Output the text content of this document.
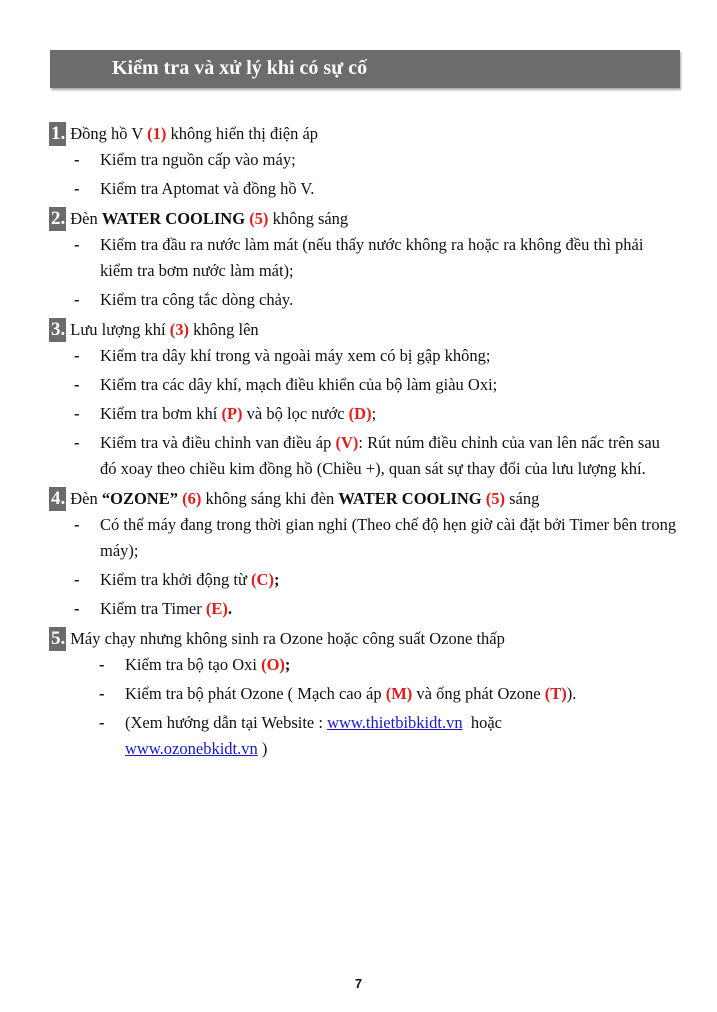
Kiểm tra và xử lý khi có sự cố
1. Đồng hồ V (1) không hiển thị điện áp
- Kiểm tra nguồn cấp vào máy;
- Kiểm tra Aptomat và đồng hồ V.
2. Đèn WATER COOLING
(5) không sáng
- Kiểm tra đầu ra nước làm mát (nếu thấy nước không ra hoặc ra không đều thì phải kiểm tra bơm nước làm mát);
- Kiểm tra công tắc dòng chảy.
3. Lưu lượng khí (3) không lên
- Kiểm tra dây khí trong và ngoài máy xem có bị gập không;
- Kiểm tra các dây khí, mạch điều khiển của bộ làm giàu Oxi;
- Kiểm tra bơm khí (P) và bộ lọc nước (D);
- Kiểm tra và điều chỉnh van điều áp (V): Rút núm điều chỉnh của van lên nấc trên sau đó xoay theo chiều kim đồng hồ (Chiều +), quan sát sự thay đổi của lưu lượng khí.
4. Đèn “OZONE”
(6) không sáng khi đèn WATER COOLING
(5) sáng
- Có thể máy đang trong thời gian nghỉ (Theo chế độ hẹn giờ cài đặt bởi Timer bên trong máy);
- Kiểm tra khởi động từ (C);
- Kiểm tra Timer (E).
5. Máy chạy nhưng không sinh ra Ozone hoặc công suất Ozone thấp
- Kiểm tra bộ tạo Oxi (O);
- Kiểm tra bộ phát Ozone ( Mạch cao áp (M) và ống phát Ozone (T)).
- (Xem hướng dẫn tại Website : www.thietbibkidt.vn  hoặc
www.ozonebkidt.vn )
7
